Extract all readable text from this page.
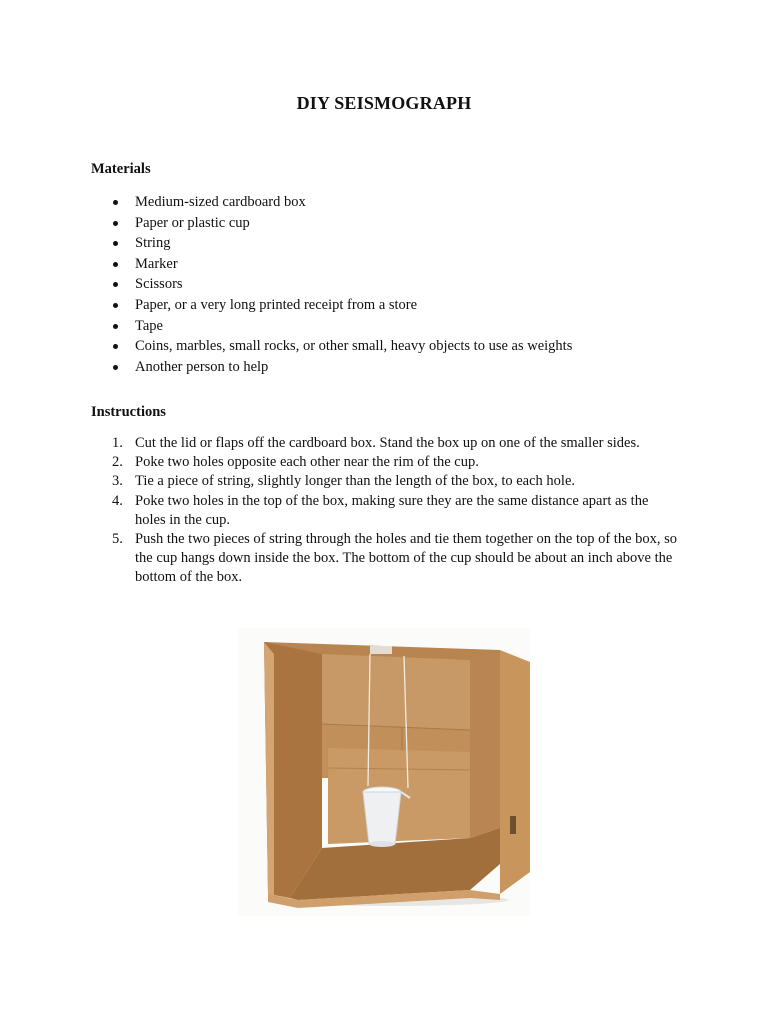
DIY SEISMOGRAPH
Materials
Medium-sized cardboard box
Paper or plastic cup
String
Marker
Scissors
Paper, or a very long printed receipt from a store
Tape
Coins, marbles, small rocks, or other small, heavy objects to use as weights
Another person to help
Instructions
1. Cut the lid or flaps off the cardboard box. Stand the box up on one of the smaller sides.
2. Poke two holes opposite each other near the rim of the cup.
3. Tie a piece of string, slightly longer than the length of the box, to each hole.
4. Poke two holes in the top of the box, making sure they are the same distance apart as the holes in the cup.
5. Push the two pieces of string through the holes and tie them together on the top of the box, so the cup hangs down inside the box. The bottom of the cup should be about an inch above the bottom of the box.
